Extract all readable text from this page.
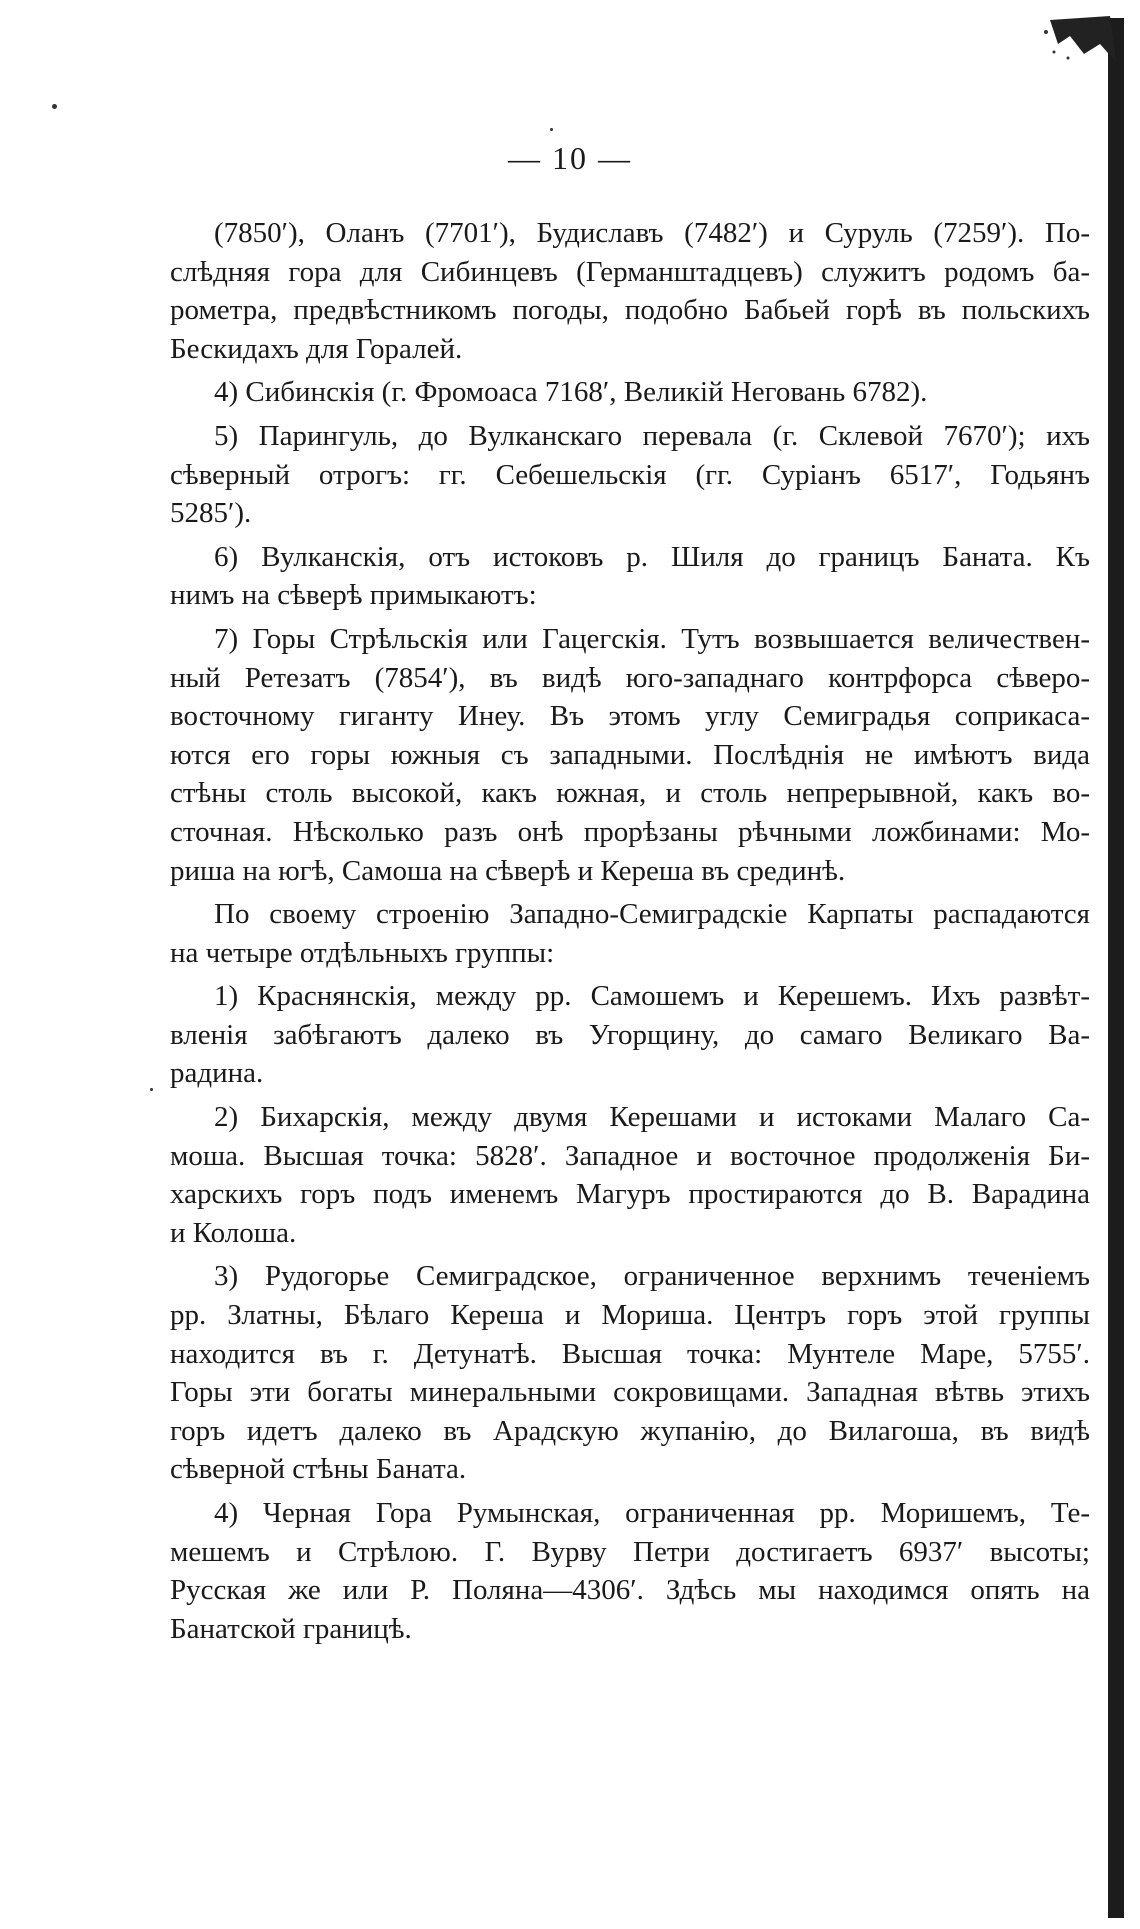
— 10 —

(7850′), Оланъ (7701′), Будиславъ (7482′) и Суруль (7259′). По-
слѣдняя гора для Сибинцевъ (Германштадцевъ) служитъ родомъ ба-
рометра, предвѣстникомъ погоды, подобно Бабьей горѣ въ польскихъ
Бескидахъ для Горалей.

4) Сибинскія (г. Фромоаса 7168′, Великій Неговань 6782).

5) Парингуль, до Вулканскаго перевала (г. Склевой 7670′); ихъ
сѣверный отрогъ: гг. Себешельскія (гг. Суріанъ 6517′, Годьянъ
5285′).

6) Вулканскія, отъ истоковъ р. Шиля до границъ Баната. Къ
нимъ на сѣверѣ примыкаютъ:

7) Горы Стрѣльскія или Гацегскія. Тутъ возвышается величествен-
ный Ретезатъ (7854′), въ видѣ юго-западнаго контрфорса сѣверо-
восточному гиганту Инеу. Въ этомъ углу Семиградья соприкаса-
ются его горы южныя съ западными. Послѣднія не имѣютъ вида
стѣны столь высокой, какъ южная, и столь непрерывной, какъ во-
сточная. Нѣсколько разъ онѣ прорѣзаны рѣчными ложбинами: Мо-
риша на югѣ, Самоша на сѣверѣ и Кереша въ срединѣ.

По своему строенію Западно-Семиградскіе Карпаты распадаются
на четыре отдѣльныхъ группы:

1) Краснянскія, между рр. Самошемъ и Керешемъ. Ихъ развѣт-
вленія забѣгаютъ далеко въ Угорщину, до самаго Великаго Ва-
радина.

2) Бихарскія, между двумя Керешами и истоками Малаго Са-
моша. Высшая точка: 5828′. Западное и восточное продолженія Би-
харскихъ горъ подъ именемъ Магуръ простираются до В. Варадина
и Колоша.

3) Рудогорье Семиградское, ограниченное верхнимъ теченіемъ
рр. Златны, Бѣлаго Кереша и Мориша. Центръ горъ этой группы
находится въ г. Детунатѣ. Высшая точка: Мунтеле Маре, 5755′.
Горы эти богаты минеральными сокровищами. Западная вѣтвь этихъ
горъ идетъ далеко въ Арадскую жупанію, до Вилагоша, въ видѣ
сѣверной стѣны Баната.

4) Черная Гора Румынская, ограниченная рр. Моришемъ, Те-
мешемъ и Стрѣлою. Г. Вурву Петри достигаетъ 6937′ высоты;
Русская же или Р. Поляна—4306′. Здѣсь мы находимся опять на
Банатской границѣ.
